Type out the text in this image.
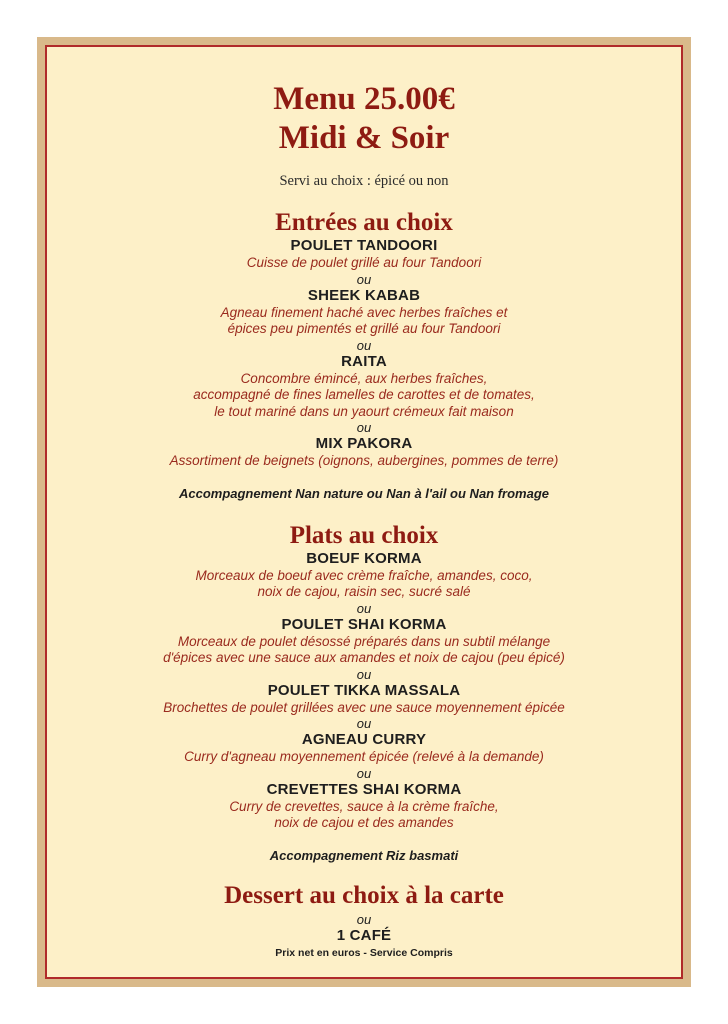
Menu 25.00€
Midi & Soir
Servi au choix : épicé ou non
Entrées au choix
POULET TANDOORI
Cuisse de poulet grillé au four Tandoori
ou
SHEEK KABAB
Agneau finement haché avec herbes fraîches et
épices peu pimentés et grillé au four Tandoori
ou
RAITA
Concombre émincé, aux herbes fraîches,
accompagné de fines lamelles de carottes et de tomates,
le tout mariné dans un yaourt crémeux fait maison
ou
MIX PAKORA
Assortiment de beignets (oignons, aubergines, pommes de terre)
Accompagnement Nan nature ou Nan à l'ail ou Nan fromage
Plats au choix
BOEUF KORMA
Morceaux de boeuf avec crème fraîche, amandes, coco,
noix de cajou, raisin sec, sucré salé
ou
POULET SHAI KORMA
Morceaux de poulet désossé préparés dans un subtil mélange
d'épices avec une sauce aux amandes et noix de cajou (peu épicé)
ou
POULET TIKKA MASSALA
Brochettes de poulet grillées avec une sauce moyennement épicée
ou
AGNEAU CURRY
Curry d'agneau moyennement épicée (relevé à la demande)
ou
CREVETTES SHAI KORMA
Curry de crevettes, sauce à la crème fraîche,
noix de cajou et des amandes
Accompagnement Riz basmati
Dessert au choix à la carte
ou
1 CAFÉ
Prix net en euros - Service Compris
